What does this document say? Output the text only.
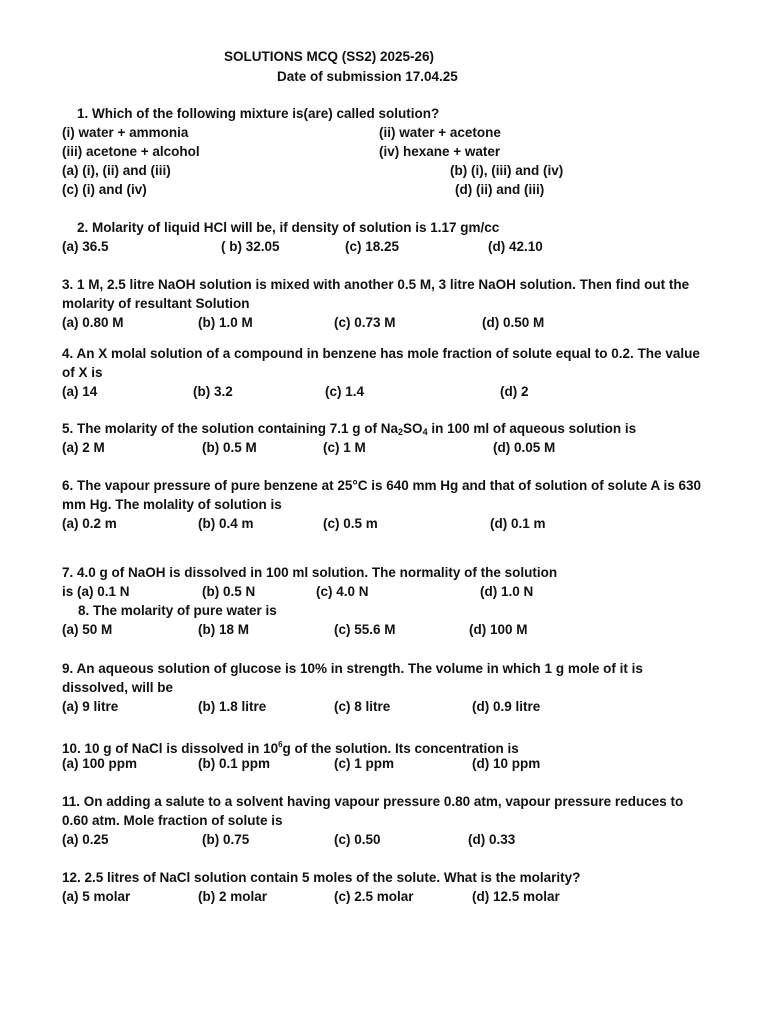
SOLUTIONS MCQ (SS2) 2025-26)
Date of submission 17.04.25
1. Which of the following mixture is(are) called solution?
(i) water + ammonia	(ii) water + acetone
(iii) acetone + alcohol	(iv) hexane + water
(a) (i), (ii) and (iii)	(b) (i), (iii) and (iv)
(c) (i) and (iv)	(d) (ii) and (iii)
2. Molarity of liquid HCl will be, if density of solution is 1.17 gm/cc
(a) 36.5	( b) 32.05	(c) 18.25	(d) 42.10
3. 1 M, 2.5 litre NaOH solution is mixed with another 0.5 M, 3 litre NaOH solution. Then find out the
molarity of resultant Solution
(a) 0.80 M	(b) 1.0 M	(c) 0.73 M	(d) 0.50 M
4. An X molal solution of a compound in benzene has mole fraction of solute equal to 0.2. The value
of X is
(a) 14	(b) 3.2	(c) 1.4	(d) 2
5. The molarity of the solution containing 7.1 g of $Na_2SO_4$ in 100 ml of aqueous solution is
(a) 2 M	(b) 0.5 M	(c) 1 M	(d) 0.05 M
6. The vapour pressure of pure benzene at 25°C is 640 mm Hg and that of solution of solute A is 630
mm Hg. The molality of solution is
(a) 0.2 m	(b) 0.4 m	(c) 0.5 m	(d) 0.1 m
7. 4.0 g of NaOH is dissolved in 100 ml solution. The normality of the solution
is (a) 0.1 N	(b) 0.5 N	(c) 4.0 N	(d) 1.0 N
8. The molarity of pure water is
(a) 50 M	(b) 18 M	(c) 55.6 M	(d) 100 M
9. An aqueous solution of glucose is 10% in strength. The volume in which 1 g mole of it is
dissolved, will be
(a) 9 litre	(b) 1.8 litre	(c) 8 litre	(d) 0.9 litre
10. 10 g of NaCl is dissolved in $10^6g$ of the solution. Its concentration is
(a) 100 ppm	(b) 0.1 ppm	(c) 1 ppm	(d) 10 ppm
11. On adding a salute to a solvent having vapour pressure 0.80 atm, vapour pressure reduces to
0.60 atm. Mole fraction of solute is
(a) 0.25	(b) 0.75	(c) 0.50	(d) 0.33
12. 2.5 litres of NaCl solution contain 5 moles of the solute. What is the molarity?
(a) 5 molar	(b) 2 molar	(c) 2.5 molar	(d) 12.5 molar
